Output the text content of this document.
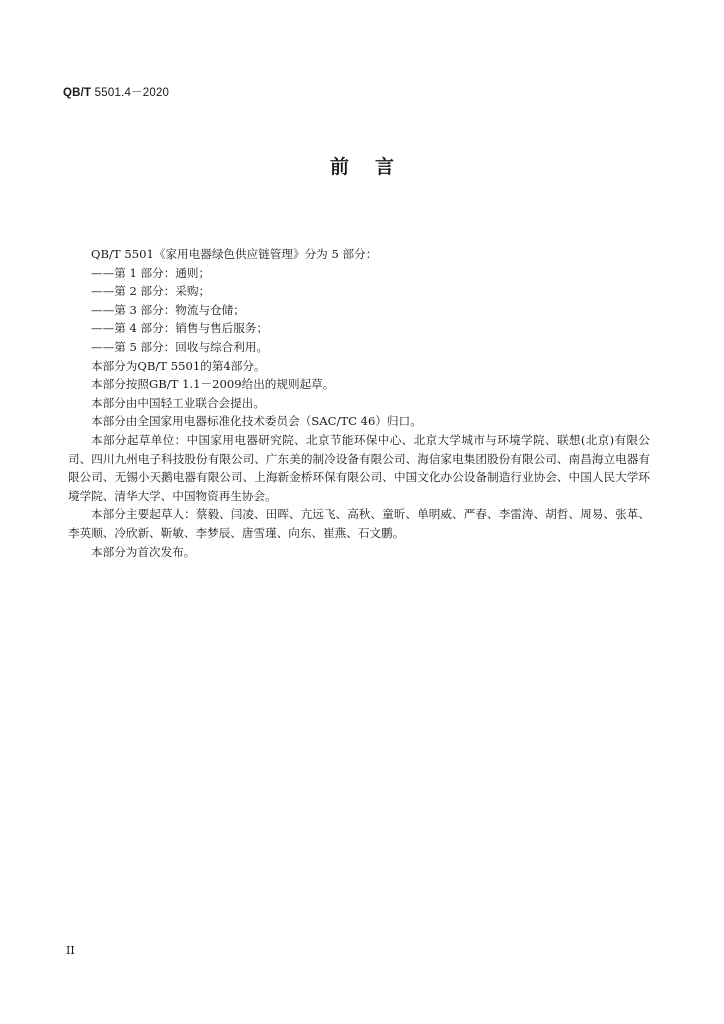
QB/T 5501.4－2020
前言

QB/T 5501《家用电器绿色供应链管理》分为 5 部分：

——第 1 部分：通则；

——第 2 部分：采购；

——第 3 部分：物流与仓储；

——第 4 部分：销售与售后服务；

——第 5 部分：回收与综合利用。

本部分为QB/T 5501的第4部分。

本部分按照GB/T 1.1－2009给出的规则起草。

本部分由中国轻工业联合会提出。

本部分由全国家用电器标准化技术委员会（SAC/TC 46）归口。

本部分起草单位：中国家用电器研究院、北京节能环保中心、北京大学城市与环境学院、联想(北京)有限公司、四川九州电子科技股份有限公司、广东美的制冷设备有限公司、海信家电集团股份有限公司、南昌海立电器有限公司、无锡小天鹅电器有限公司、上海新金桥环保有限公司、中国文化办公设备制造行业协会、中国人民大学环境学院、清华大学、中国物资再生协会。

本部分主要起草人：蔡毅、闫凌、田晖、亢远飞、高秋、童昕、单明威、严春、李雷涛、胡哲、周易、张革、李英顺、冷欣新、靳敏、李梦辰、唐雪瑾、向东、崔燕、石文鹏。

本部分为首次发布。

II
